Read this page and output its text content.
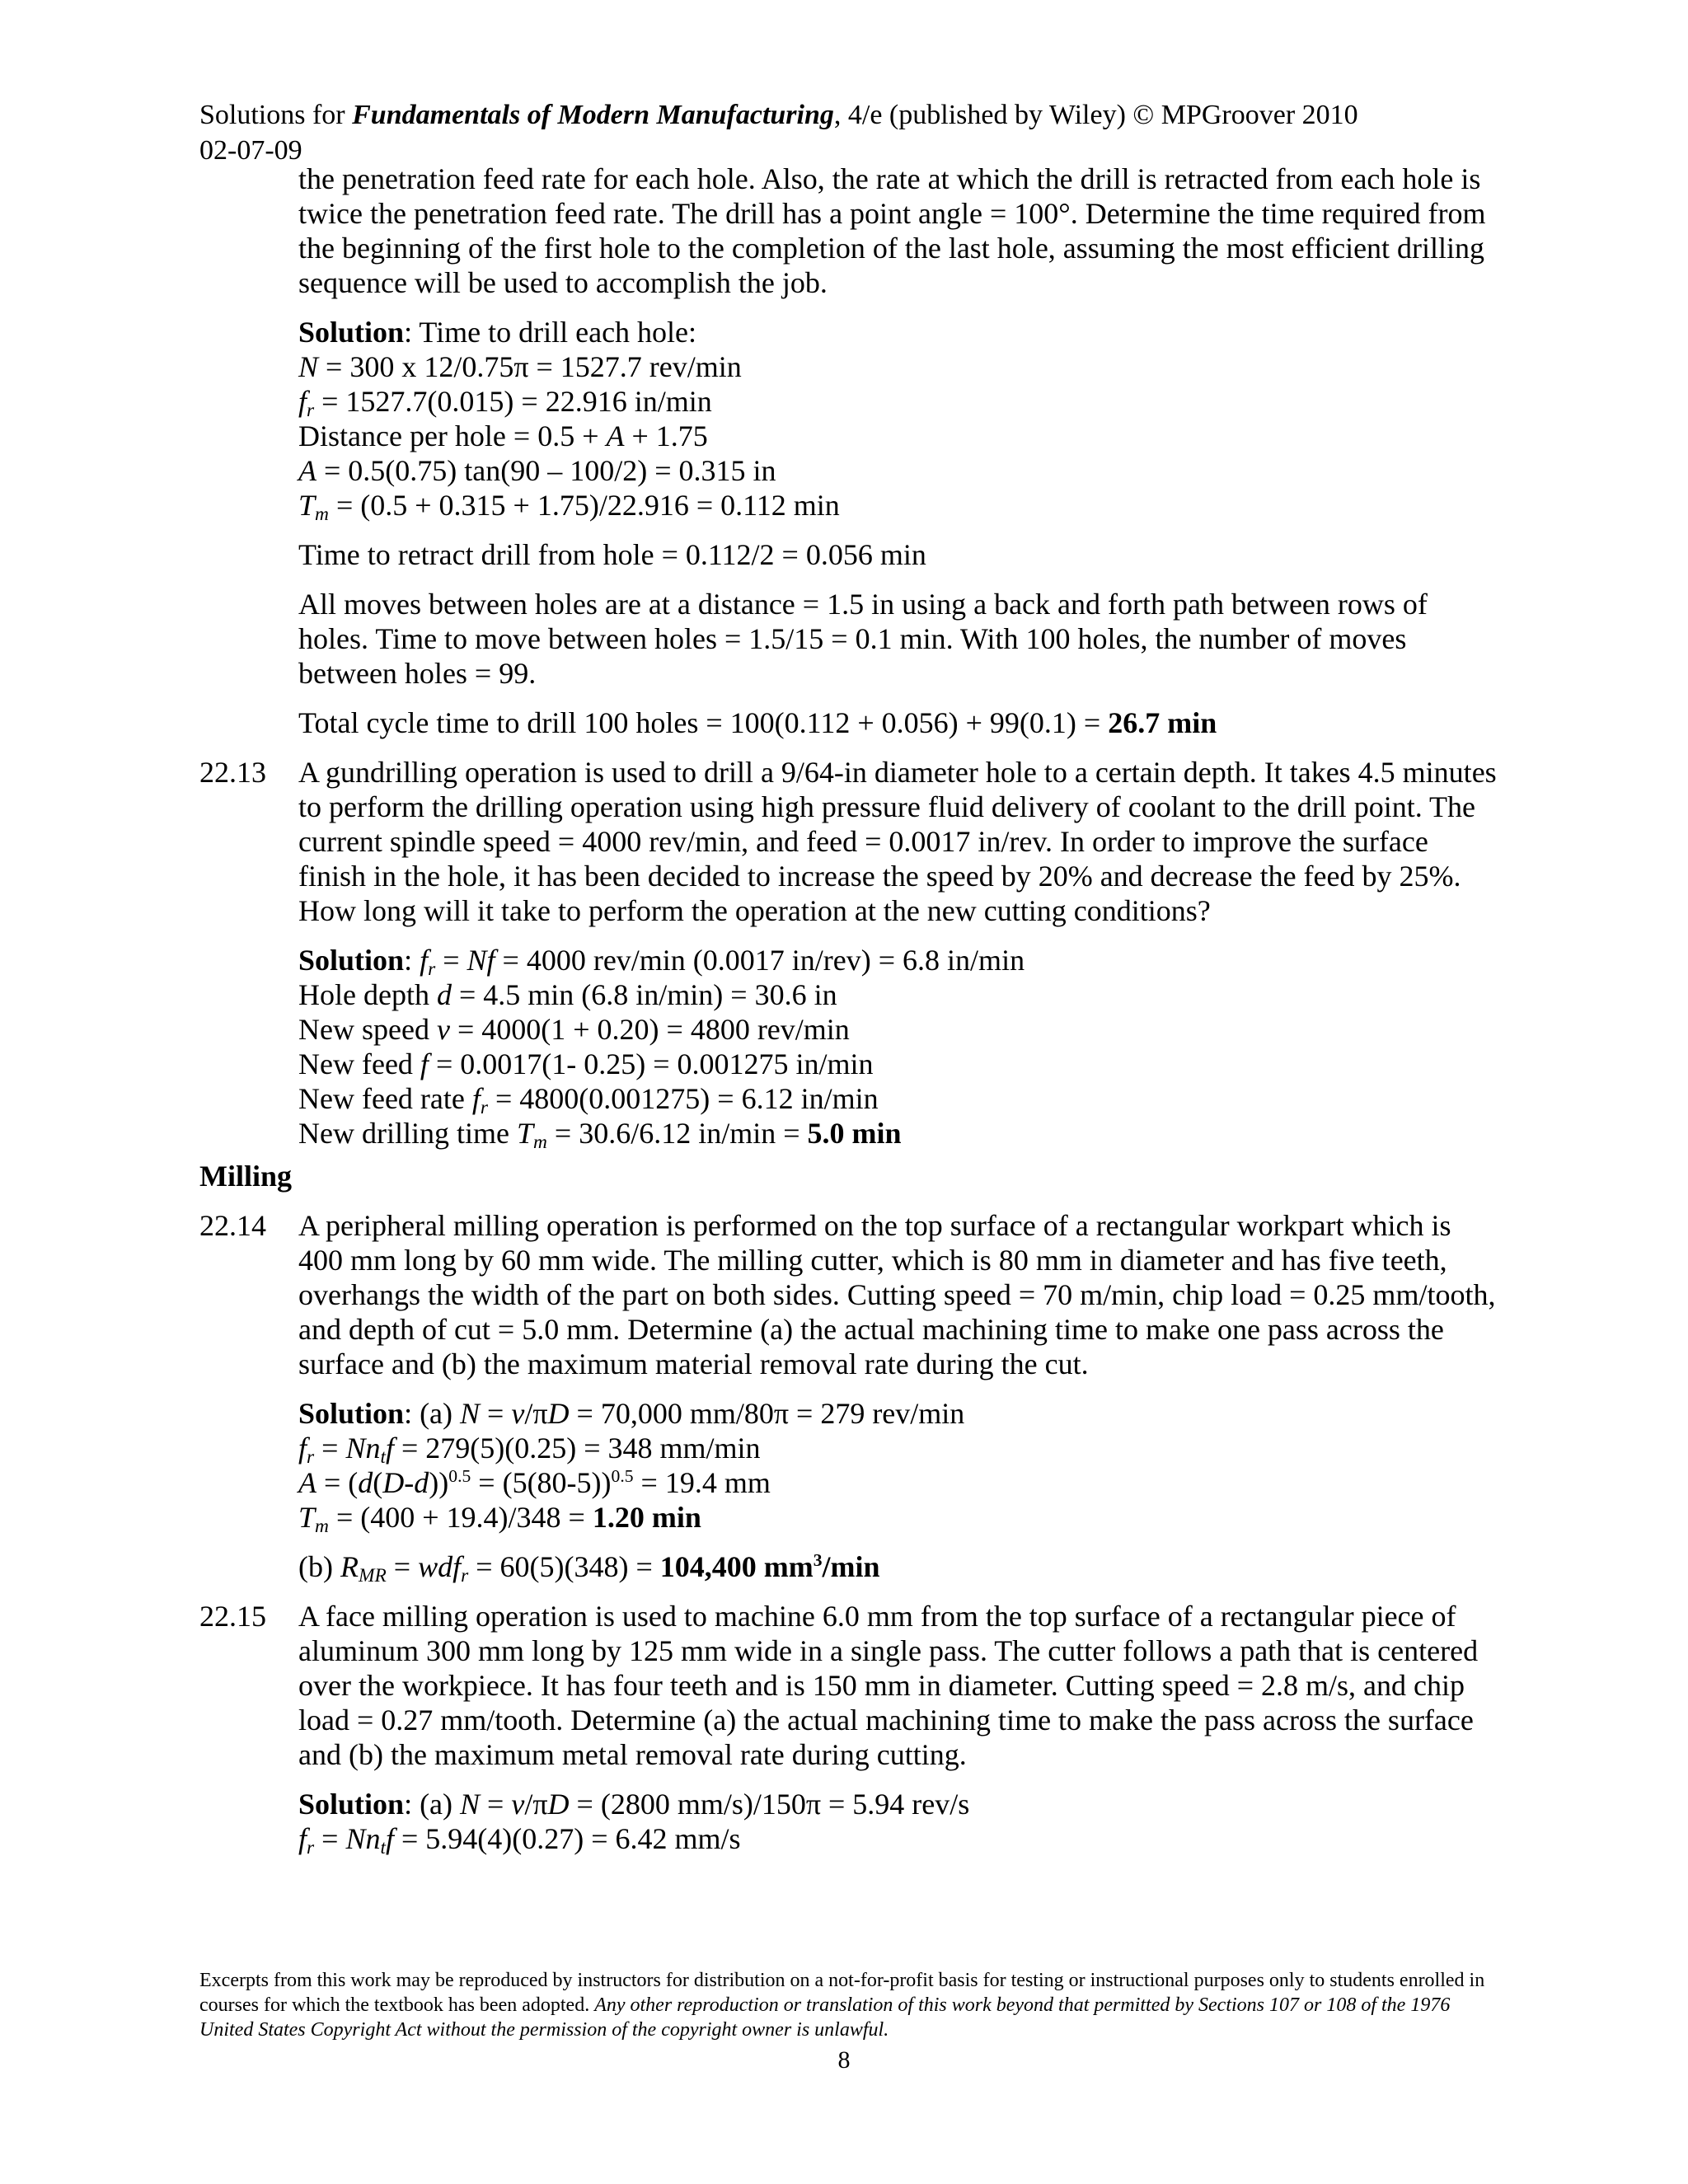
Solutions for Fundamentals of Modern Manufacturing, 4/e (published by Wiley) © MPGroover 2010
02-07-09

the penetration feed rate for each hole. Also, the rate at which the drill is retracted from each hole is twice the penetration feed rate. The drill has a point angle = 100°. Determine the time required from the beginning of the first hole to the completion of the last hole, assuming the most efficient drilling sequence will be used to accomplish the job.

Solution: Time to drill each hole:
N = 300 x 12/0.75π = 1527.7 rev/min
$f_r = 1527.7(0.015) = 22.916$ in/min
Distance per hole = 0.5 + A + 1.75
A = 0.5(0.75) tan(90 – 100/2) = 0.315 in
$T_m = (0.5 + 0.315 + 1.75)/22.916 = 0.112$ min

Time to retract drill from hole = 0.112/2 = 0.056 min

All moves between holes are at a distance = 1.5 in using a back and forth path between rows of holes. Time to move between holes = 1.5/15 = 0.1 min. With 100 holes, the number of moves between holes = 99.

Total cycle time to drill 100 holes = 100(0.112 + 0.056) + 99(0.1) = 26.7 min

22.13 A gundrilling operation is used to drill a 9/64-in diameter hole to a certain depth. It takes 4.5 minutes to perform the drilling operation using high pressure fluid delivery of coolant to the drill point. The current spindle speed = 4000 rev/min, and feed = 0.0017 in/rev. In order to improve the surface finish in the hole, it has been decided to increase the speed by 20% and decrease the feed by 25%. How long will it take to perform the operation at the new cutting conditions?

Solution: $f_r = Nf = 4000$ rev/min (0.0017 in/rev) = 6.8 in/min
Hole depth d = 4.5 min (6.8 in/min) = 30.6 in
New speed v = 4000(1 + 0.20) = 4800 rev/min
New feed f = 0.0017(1- 0.25) = 0.001275 in/min
New feed rate $f_r = 4800(0.001275) = 6.12$ in/min
New drilling time $T_m = 30.6/6.12$ in/min = 5.0 min
Milling
22.14 A peripheral milling operation is performed on the top surface of a rectangular workpart which is 400 mm long by 60 mm wide. The milling cutter, which is 80 mm in diameter and has five teeth, overhangs the width of the part on both sides. Cutting speed = 70 m/min, chip load = 0.25 mm/tooth, and depth of cut = 5.0 mm. Determine (a) the actual machining time to make one pass across the surface and (b) the maximum material removal rate during the cut.

Solution: (a) N = v/πD = 70,000 mm/80π = 279 rev/min
$f_r = Nn_tf = 279(5)(0.25) = 348$ mm/min
$A = (d(D-d))^{0.5} = (5(80-5))^{0.5} = 19.4$ mm
$T_m = (400 + 19.4)/348 = 1.20$ min
(b) $R_{MR} = wdf_r = 60(5)(348) = 104,400$ $mm^3/\min$
22.15 A face milling operation is used to machine 6.0 mm from the top surface of a rectangular piece of aluminum 300 mm long by 125 mm wide in a single pass. The cutter follows a path that is centered over the workpiece. It has four teeth and is 150 mm in diameter. Cutting speed = 2.8 m/s, and chip load = 0.27 mm/tooth. Determine (a) the actual machining time to make the pass across the surface and (b) the maximum metal removal rate during cutting.

Solution: (a) N = v/πD = (2800 mm/s)/150π = 5.94 rev/s
$f_r = Nn_tf = 5.94(4)(0.27) = 6.42$ mm/s
Excerpts from this work may be reproduced by instructors for distribution on a not-for-profit basis for testing or instructional purposes only to students enrolled in courses for which the textbook has been adopted. Any other reproduction or translation of this work beyond that permitted by Sections 107 or 108 of the 1976 United States Copyright Act without the permission of the copyright owner is unlawful.
8
